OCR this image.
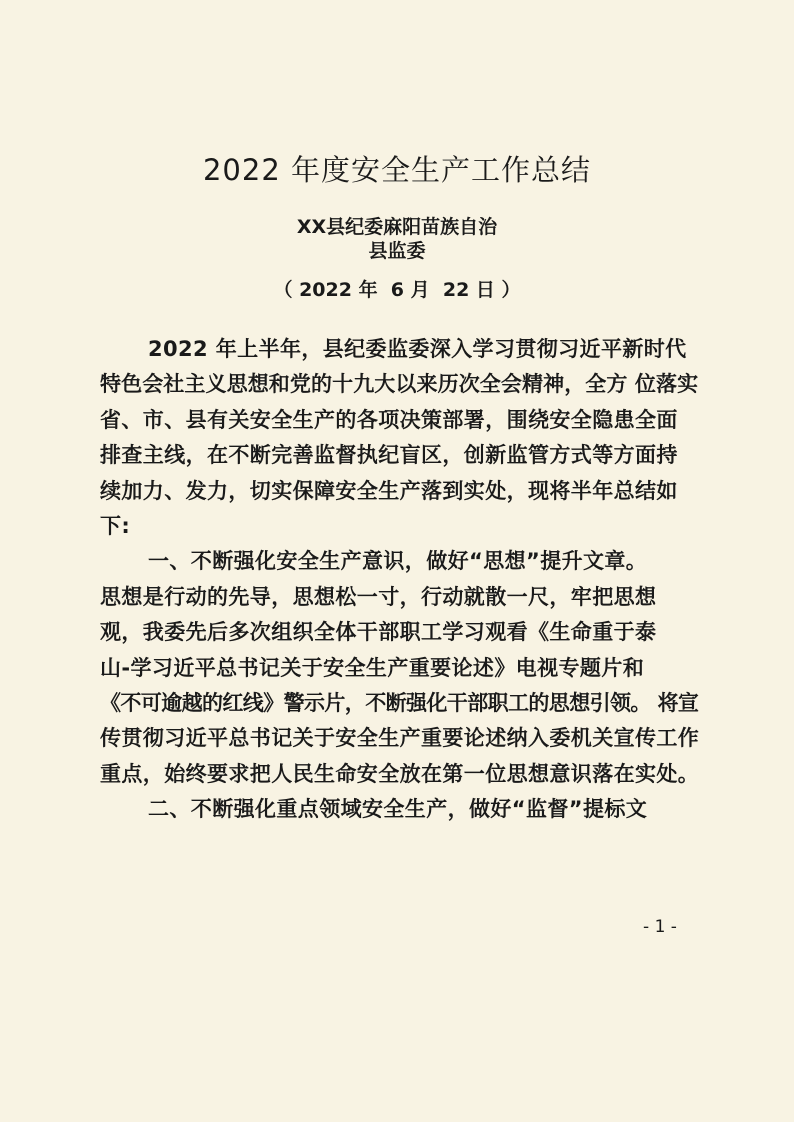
2022 年度安全生产工作总结
XX县纪委麻阳苗族自治
县监委
（ 2022 年  6 月  22 日 ）
2022 年上半年，县纪委监委深入学习贯彻习近平新时代
特色会社主义思想和党的十九大以来历次全会精神，全方 位落实
省、市、县有关安全生产的各项决策部署，围绕安全隐患全面
排查主线，在不断完善监督执纪盲区，创新监管方式等方面持
续加力、发力，切实保障安全生产落到实处，现将半年总结如
下:
一、不断强化安全生产意识，做好“思想”提升文章。
思想是行动的先导，思想松一寸，行动就散一尺，牢把思想
观，我委先后多次组织全体干部职工学习观看《生命重于泰
山-学习近平总书记关于安全生产重要论述》电视专题片和
《不可逾越的红线》警示片，不断强化干部职工的思想引领。 将宣
传贯彻习近平总书记关于安全生产重要论述纳入委机关宣传工作
重点，始终要求把人民生命安全放在第一位思想意识落在实处。
二、不断强化重点领域安全生产，做好“监督”提标文
- 1 -
